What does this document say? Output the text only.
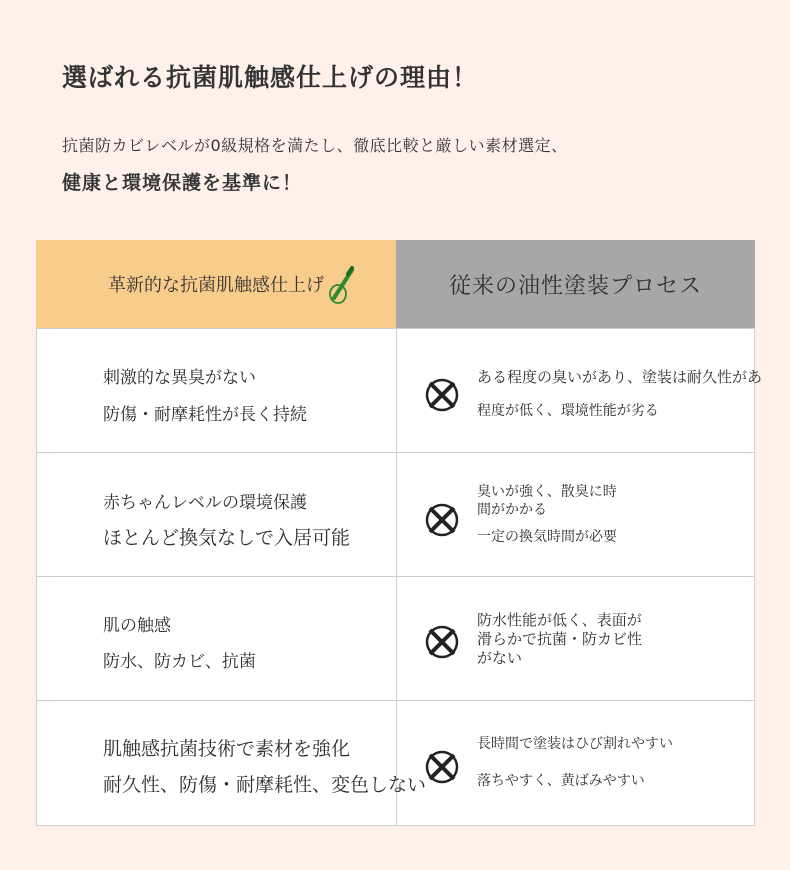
選ばれる抗菌肌触感仕上げの理由！
抗菌防カビレベルが0級規格を満たし、徹底比較と厳しい素材選定、
健康と環境保護を基準に！
革新的な抗菌肌触感仕上げ	従来の油性塗装プロセス
刺激的な異臭がない
防傷・耐摩耗性が長く持続
ある程度の臭いがあり、塗装は耐久性があ
程度が低く、環境性能が劣る
赤ちゃんレベルの環境保護
ほとんど換気なしで入居可能
臭いが強く、散臭に時
間がかかる
一定の換気時間が必要
肌の触感
防水、防カビ、抗菌
防水性能が低く、表面が
滑らかで抗菌・防カビ性
がない
肌触感抗菌技術で素材を強化
耐久性、防傷・耐摩耗性、変色しない
長時間で塗装はひび割れやすい
落ちやすく、黄ばみやすい
